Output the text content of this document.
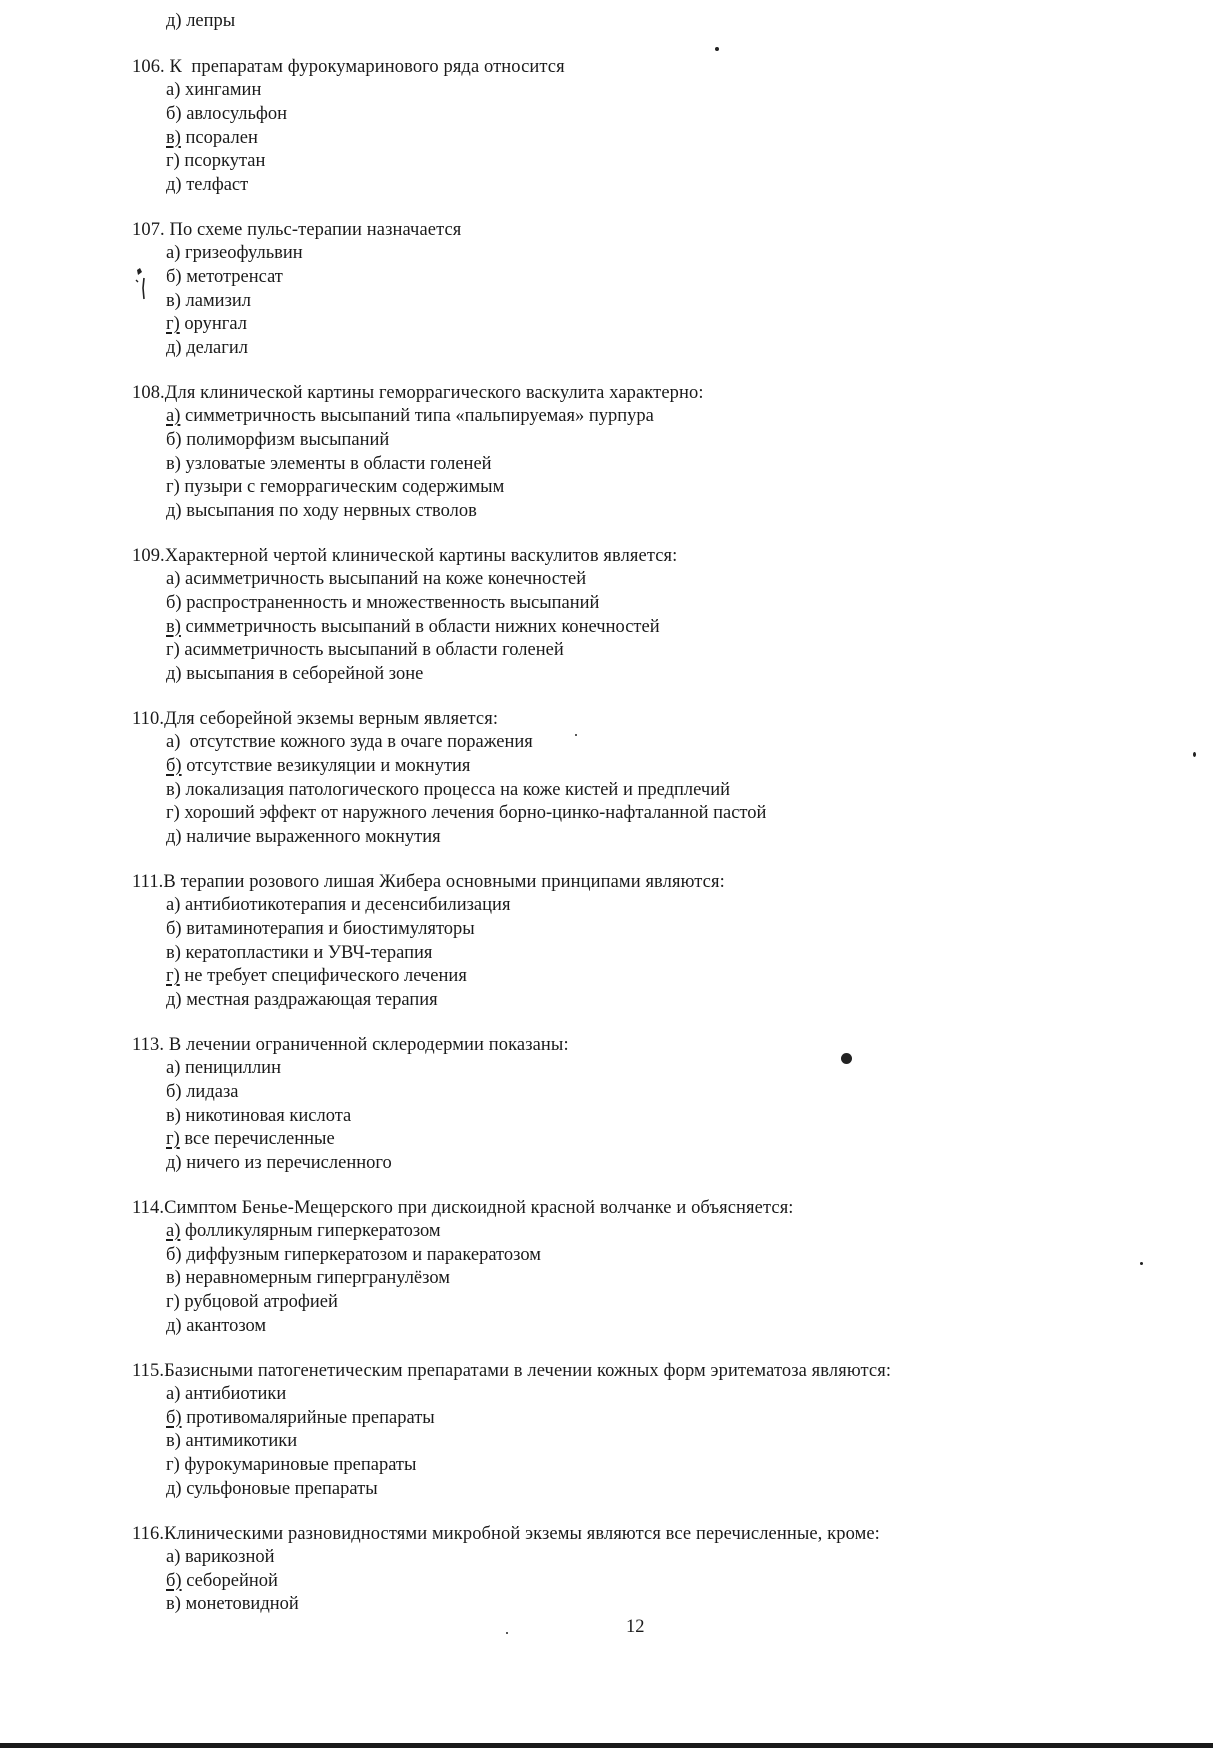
д) лепры
106. К  препаратам фурокумаринового ряда относится
а) хингамин
б) авлосульфон
в) псорален
г) псоркутан
д) телфаст
107. По схеме пульс-терапии назначается
а) гризеофульвин
б) метотренсат
в) ламизил
г) орунгал
д) делагил
108.Для клинической картины геморрагического васкулита характерно:
а) симметричность высыпаний типа «пальпируемая» пурпура
б) полиморфизм высыпаний
в) узловатые элементы в области голеней
г) пузыри с геморрагическим содержимым
д) высыпания по ходу нервных стволов
109.Характерной чертой клинической картины васкулитов является:
а) асимметричность высыпаний на коже конечностей
б) распространенность и множественность высыпаний
в) симметричность высыпаний в области нижних конечностей
г) асимметричность высыпаний в области голеней
д) высыпания в себорейной зоне
110.Для себорейной экземы верным является:
а)  отсутствие кожного зуда в очаге поражения
б) отсутствие везикуляции и мокнутия
в) локализация патологического процесса на коже кистей и предплечий
г) хороший эффект от наружного лечения борно-цинко-нафталанной пастой
д) наличие выраженного мокнутия
111.В терапии розового лишая Жибера основными принципами являются:
а) антибиотикотерапия и десенсибилизация
б) витаминотерапия и биостимуляторы
в) кератопластики и УВЧ-терапия
г) не требует специфического лечения
д) местная раздражающая терапия
113. В лечении ограниченной склеродермии показаны:
а) пенициллин
б) лидаза
в) никотиновая кислота
г) все перечисленные
д) ничего из перечисленного
114.Симптом Бенье-Мещерского при дискоидной красной волчанке и объясняется:
а) фолликулярным гиперкератозом
б) диффузным гиперкератозом и паракератозом
в) неравномерным гипергранулёзом
г) рубцовой атрофией
д) акантозом
115.Базисными патогенетическим препаратами в лечении кожных форм эритематоза являются:
а) антибиотики
б) противомалярийные препараты
в) антимикотики
г) фурокумариновые препараты
д) сульфоновые препараты
116.Клиническими разновидностями микробной экземы являются все перечисленные, кроме:
а) варикозной
б) себорейной
в) монетовидной
12
